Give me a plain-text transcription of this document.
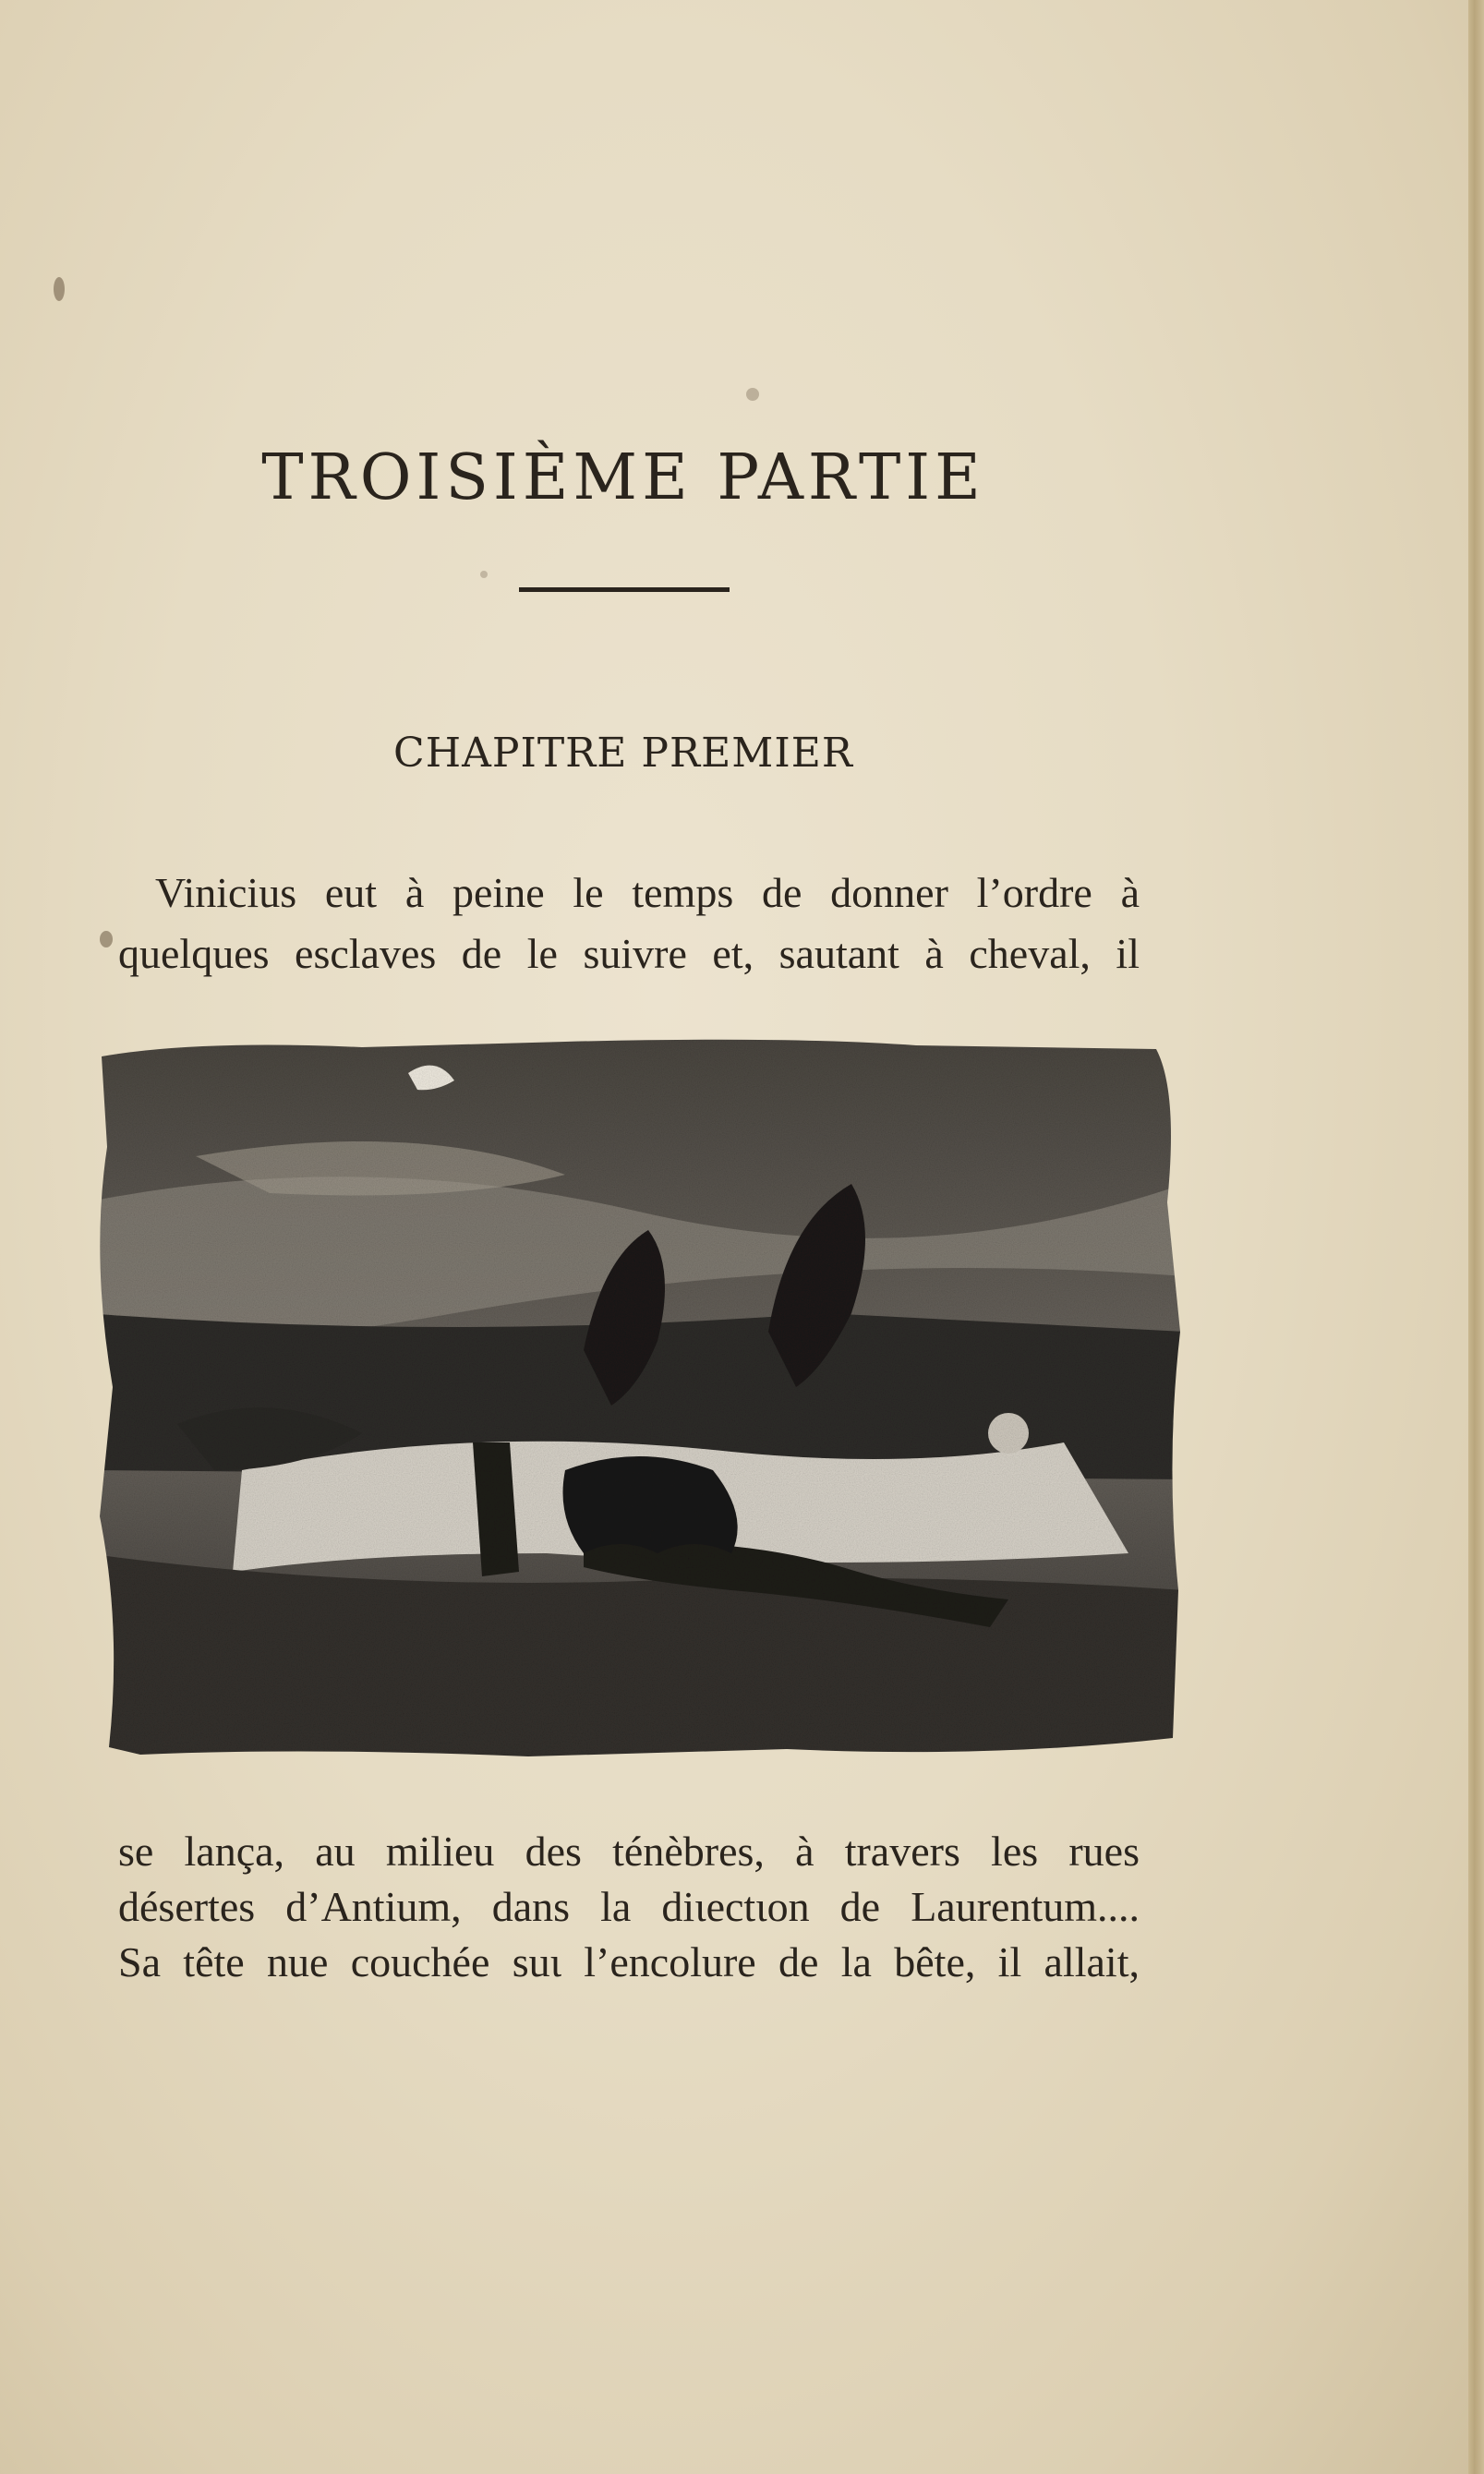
TROISIÈME PARTIE
CHAPITRE PREMIER
Vinicius eut à peine le temps de donner l’ordre à
quelques esclaves de le suivre et, sautant à cheval, il
se lança, au milieu des ténèbres, à travers les rues
désertes d’Antium, dans la diιectιon de Laurentum....
Sa tête nue couchée suι l’encolure de la bête, il allait,
